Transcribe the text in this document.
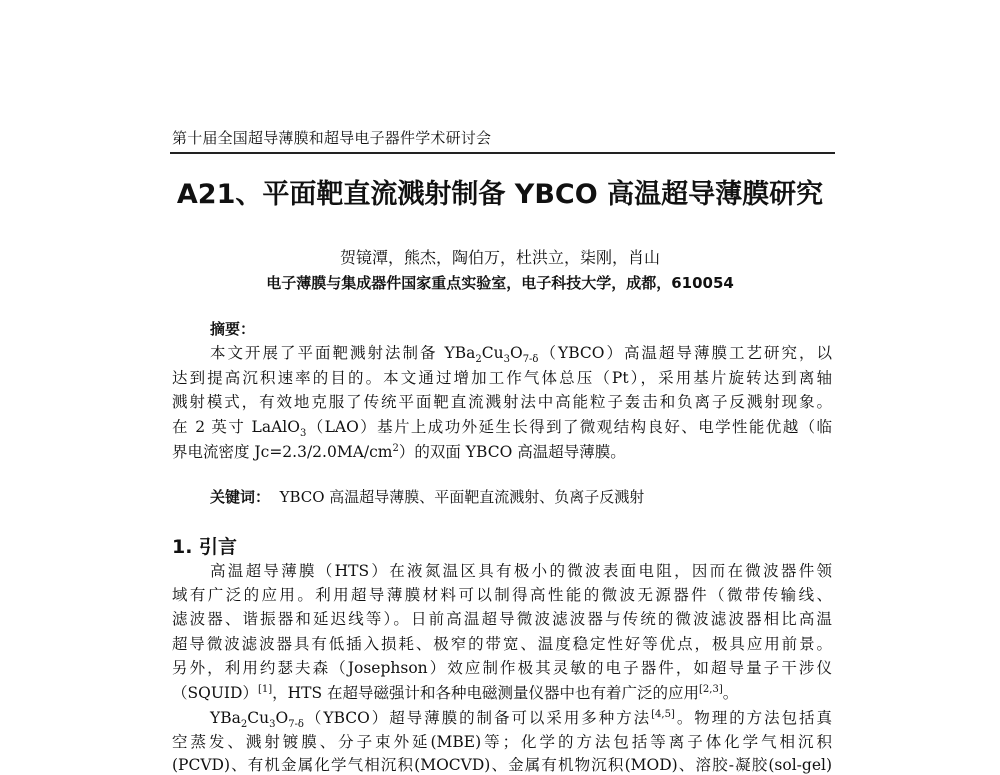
第十届全国超导薄膜和超导电子器件学术研讨会
A21、平面靶直流溅射制备 YBCO 高温超导薄膜研究
贺镜潭，熊杰，陶伯万，杜洪立，柒刚，肖山
电子薄膜与集成器件国家重点实验室，电子科技大学，成都，610054
摘要：
本文开展了平面靶溅射法制备 $YBa_2Cu_3O_{7-\delta}(YBCO)$高温超导薄膜工艺研究，以
达到提高沉积速率的目的。本文通过增加工作气体总压（Pt），采用基片旋转达到离轴
溅射模式，有效地克服了传统平面靶直流溅射法中高能粒子轰击和负离子反溅射现象。
在 2 英寸 LaAlO$_3$（LAO）基片上成功外延生长得到了微观结构良好、电学性能优越（临
界电流密度 $Jc=2.3/2.0MA/cm^2$）的双面 YBCO 高温超导薄膜。
关键词： YBCO 高温超导薄膜、平面靶直流溅射、负离子反溅射
1. 引言
高温超导薄膜（HTS）在液氮温区具有极小的微波表面电阻，因而在微波器件领
域有广泛的应用。利用超导薄膜材料可以制得高性能的微波无源器件（微带传输线、
滤波器、谐振器和延迟线等）。日前高温超导微波滤波器与传统的微波滤波器相比高温
超导微波滤波器具有低插入损耗、极窄的带宽、温度稳定性好等优点，极具应用前景。
另外，利用约瑟夫森（Josephson）效应制作极其灵敏的电子器件，如超导量子干涉仪
（SQUID）[1]，HTS 在超导磁强计和各种电磁测量仪器中也有着广泛的应用[2,3]。
$YBa_2Cu_3O_{7-\delta}(YBCO)$超导薄膜的制备可以采用多种方法[4,5]。物理的方法包括真
空蒸发、溅射镀膜、分子束外延(MBE)等；化学的方法包括等离子体化学气相沉积
(PCVD)、有机金属化学气相沉积(MOCVD)、金属有机物沉积(MOD)、溶胶-凝胶(sol-gel)
